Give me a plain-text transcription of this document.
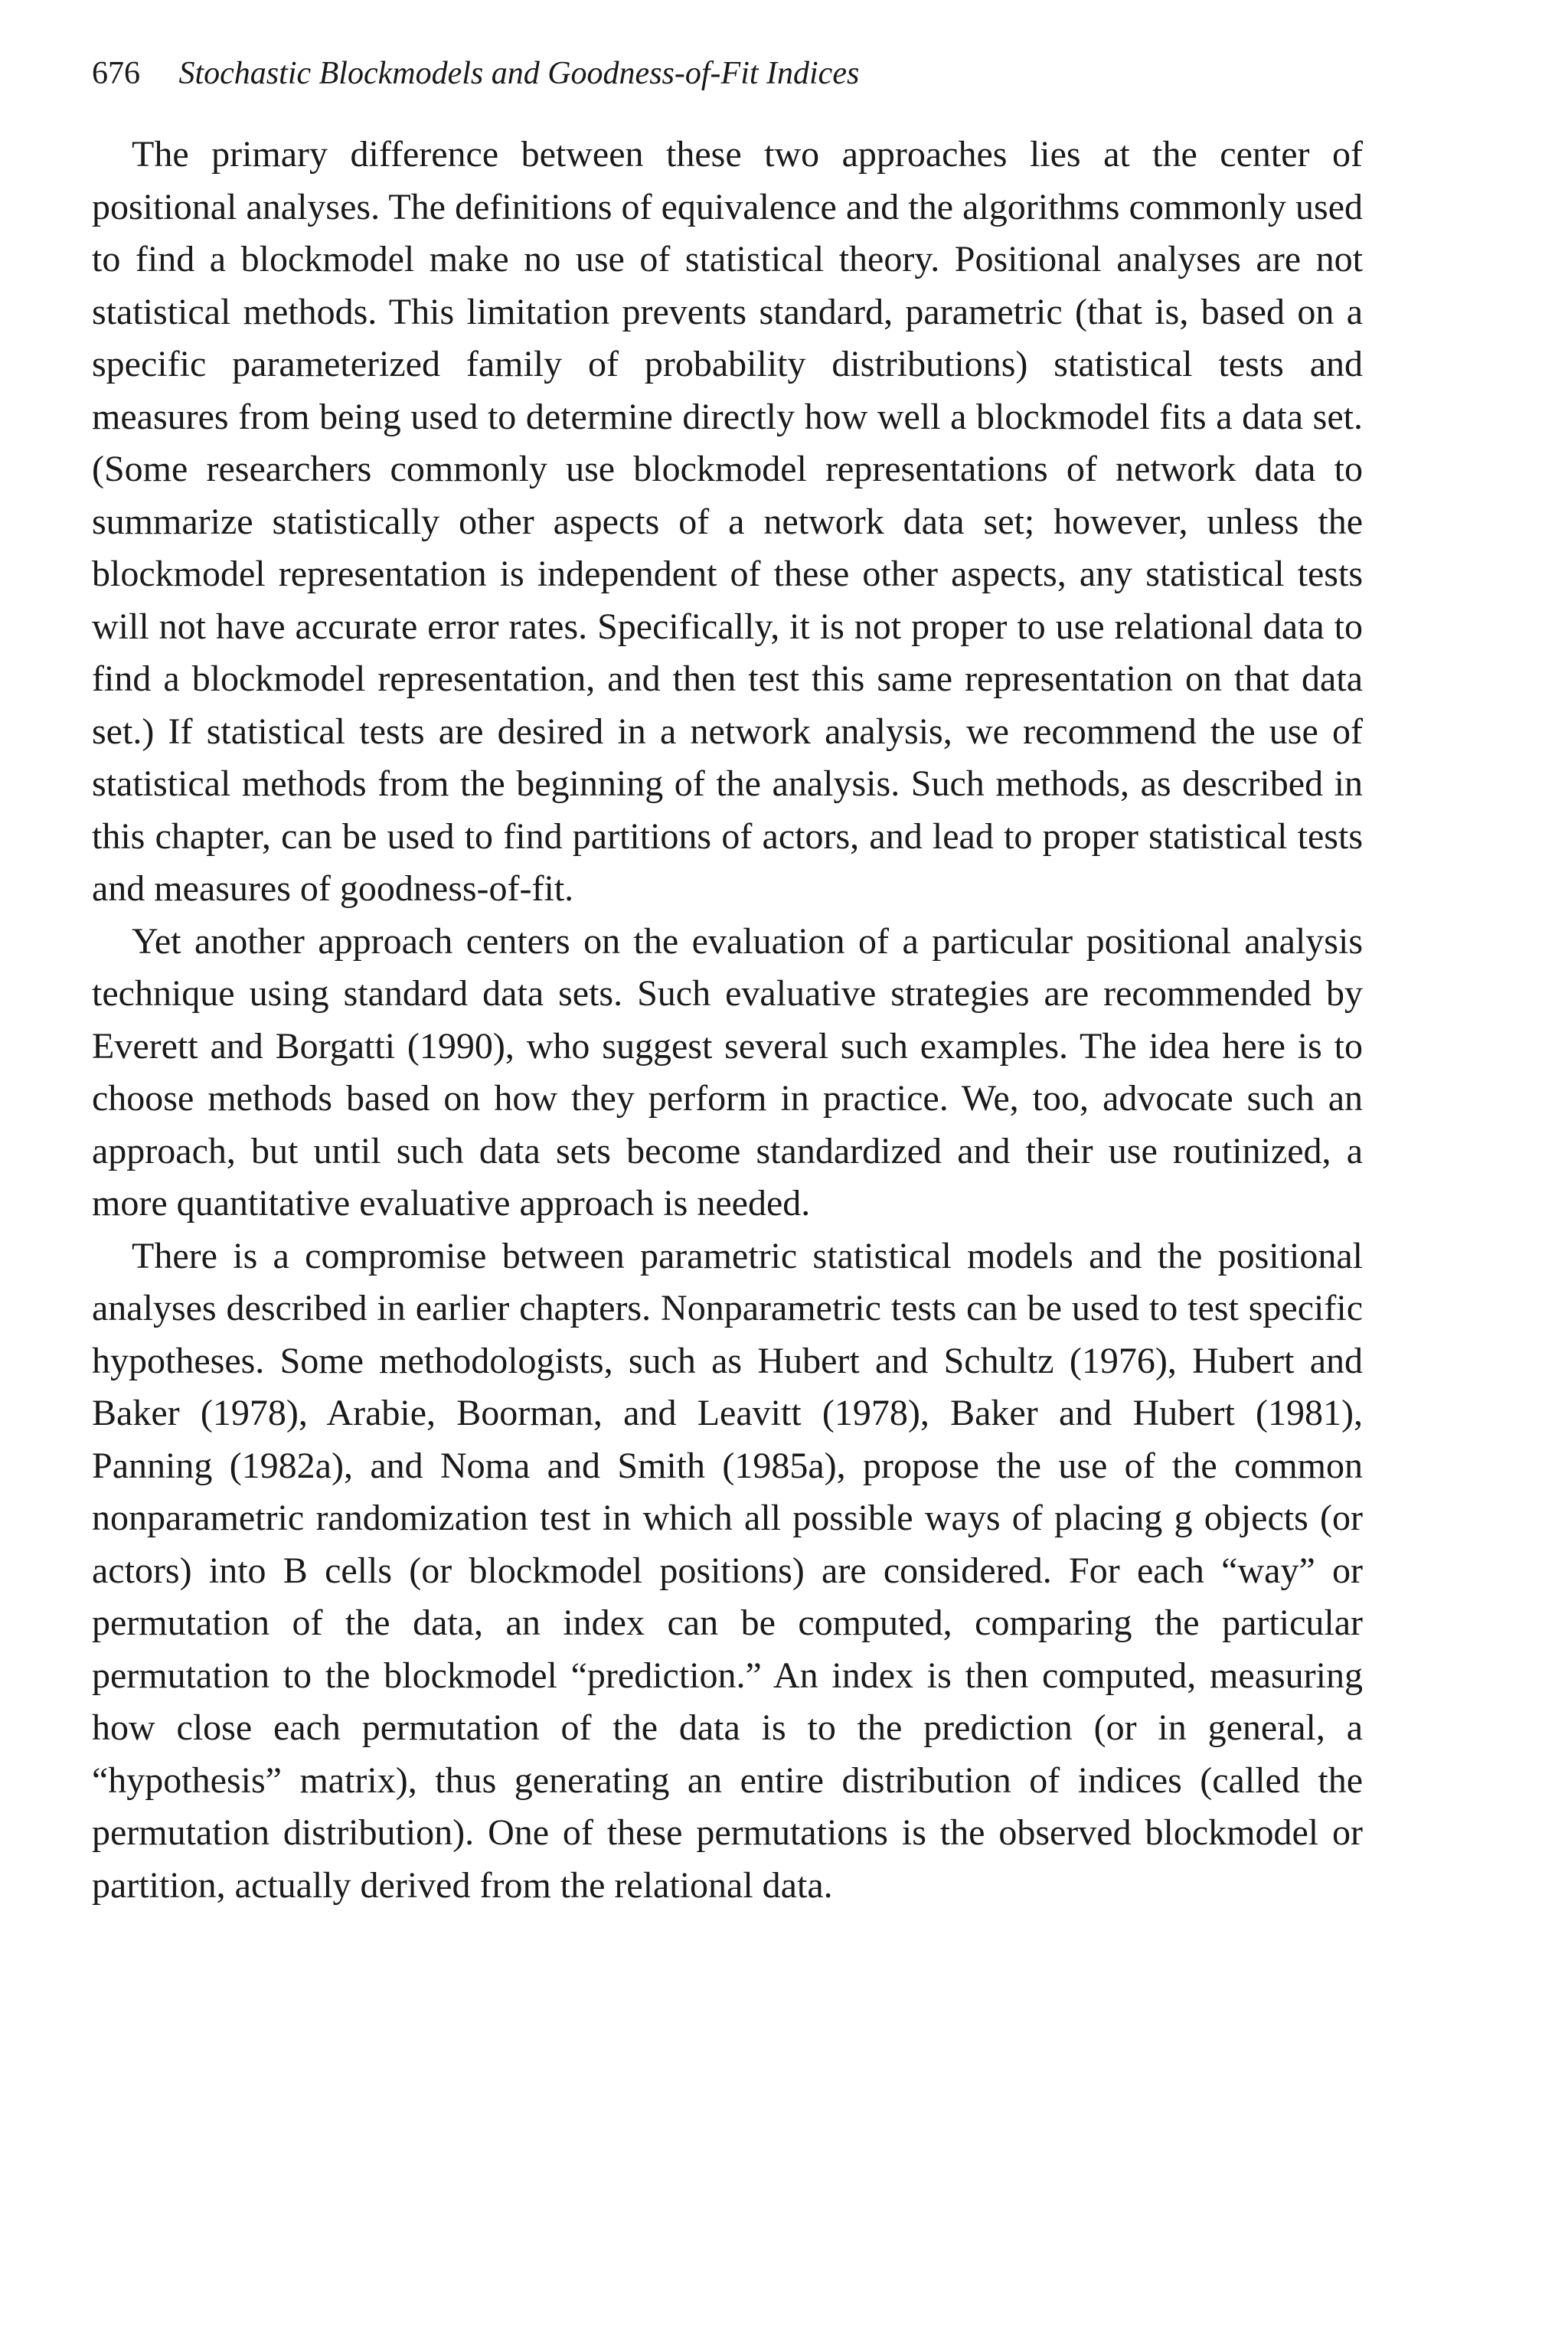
676 Stochastic Blockmodels and Goodness-of-Fit Indices

The primary difference between these two approaches lies at the center of positional analyses. The definitions of equivalence and the algorithms commonly used to find a blockmodel make no use of statistical theory. Positional analyses are not statistical methods. This limitation prevents standard, parametric (that is, based on a specific parameterized family of probability distributions) statistical tests and measures from being used to determine directly how well a blockmodel fits a data set. (Some researchers commonly use blockmodel representations of network data to summarize statistically other aspects of a network data set; however, unless the blockmodel representation is independent of these other aspects, any statistical tests will not have accurate error rates. Specifically, it is not proper to use relational data to find a blockmodel representation, and then test this same representation on that data set.) If statistical tests are desired in a network analysis, we recommend the use of statistical methods from the beginning of the analysis. Such methods, as described in this chapter, can be used to find partitions of actors, and lead to proper statistical tests and measures of goodness-of-fit.

Yet another approach centers on the evaluation of a particular positional analysis technique using standard data sets. Such evaluative strategies are recommended by Everett and Borgatti (1990), who suggest several such examples. The idea here is to choose methods based on how they perform in practice. We, too, advocate such an approach, but until such data sets become standardized and their use routinized, a more quantitative evaluative approach is needed.

There is a compromise between parametric statistical models and the positional analyses described in earlier chapters. Nonparametric tests can be used to test specific hypotheses. Some methodologists, such as Hubert and Schultz (1976), Hubert and Baker (1978), Arabie, Boorman, and Leavitt (1978), Baker and Hubert (1981), Panning (1982a), and Noma and Smith (1985a), propose the use of the common nonparametric randomization test in which all possible ways of placing g objects (or actors) into B cells (or blockmodel positions) are considered. For each “way” or permutation of the data, an index can be computed, comparing the particular permutation to the blockmodel “prediction.” An index is then computed, measuring how close each permutation of the data is to the prediction (or in general, a “hypothesis” matrix), thus generating an entire distribution of indices (called the permutation distribution). One of these permutations is the observed blockmodel or partition, actually derived from the relational data.
